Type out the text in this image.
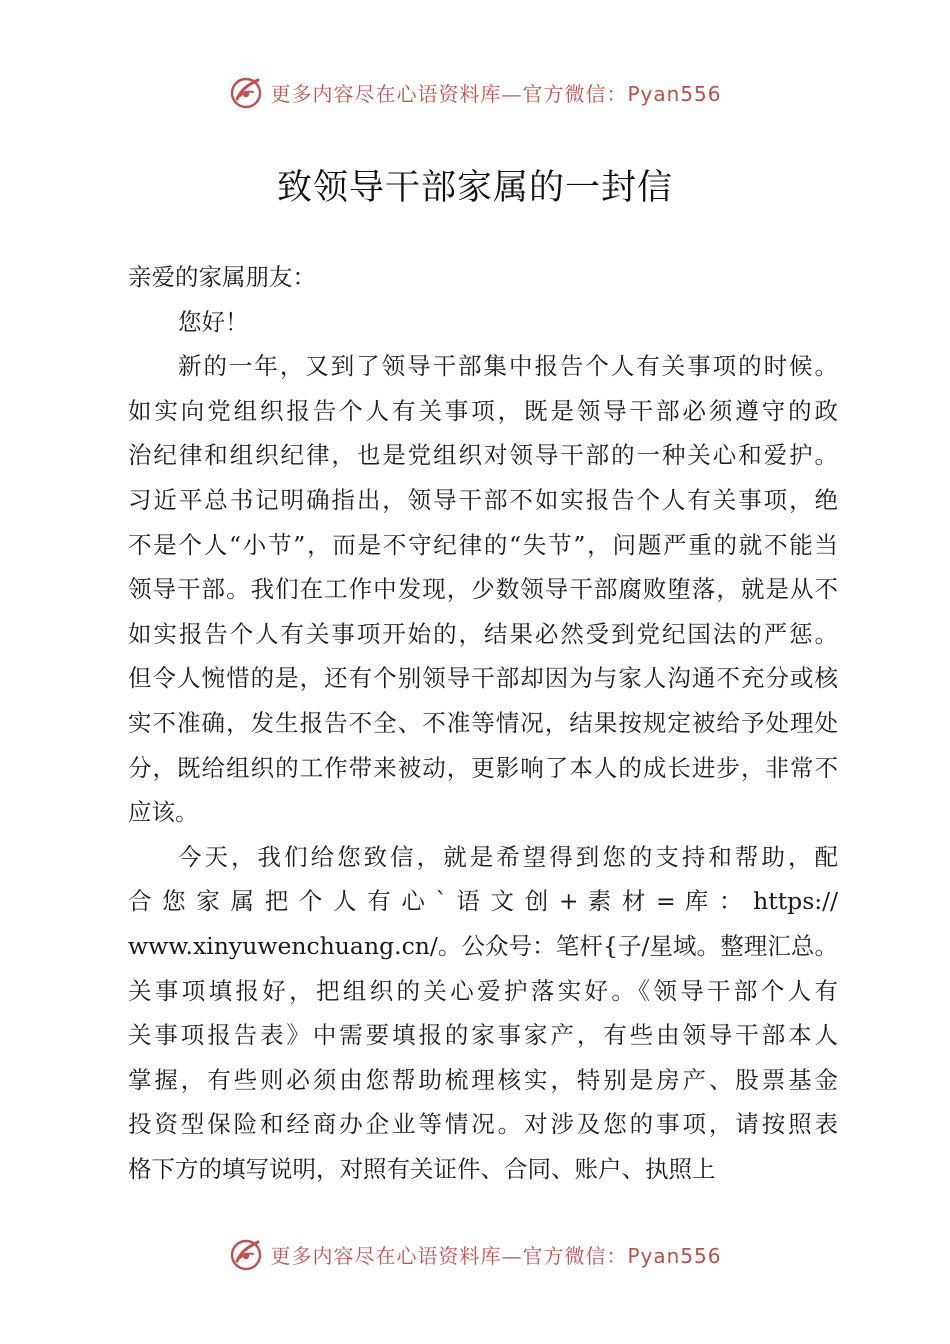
更多内容尽在心语资料库—官方微信：Pyan556
致领导干部家属的一封信
亲爱的家属朋友：
您好！
新的一年，又到了领导干部集中报告个人有关事项的时候。
如实向党组织报告个人有关事项，既是领导干部必须遵守的政
治纪律和组织纪律，也是党组织对领导干部的一种关心和爱护。
习近平总书记明确指出，领导干部不如实报告个人有关事项，绝
不是个人“小节”，而是不守纪律的“失节”，问题严重的就不能当
领导干部。我们在工作中发现，少数领导干部腐败堕落，就是从不
如实报告个人有关事项开始的，结果必然受到党纪国法的严惩。
但令人惋惜的是，还有个别领导干部却因为与家人沟通不充分或核
实不准确，发生报告不全、不准等情况，结果按规定被给予处理处
分，既给组织的工作带来被动，更影响了本人的成长进步，非常不
应该。
今天，我们给您致信，就是希望得到您的支持和帮助，配
合 您 家 属 把 个 人 有 心 ` 语 文 创 + 素 材 = 库 ： https://
www.xinyuwenchuang.cn/。公众号：笔杆{子/星域。整理汇总。
关事项填报好，把组织的关心爱护落实好。《领导干部个人有
关事项报告表》中需要填报的家事家产，有些由领导干部本人
掌握，有些则必须由您帮助梳理核实，特别是房产、股票基金
投资型保险和经商办企业等情况。对涉及您的事项，请按照表
格下方的填写说明，对照有关证件、合同、账户、执照上
更多内容尽在心语资料库—官方微信：Pyan556
